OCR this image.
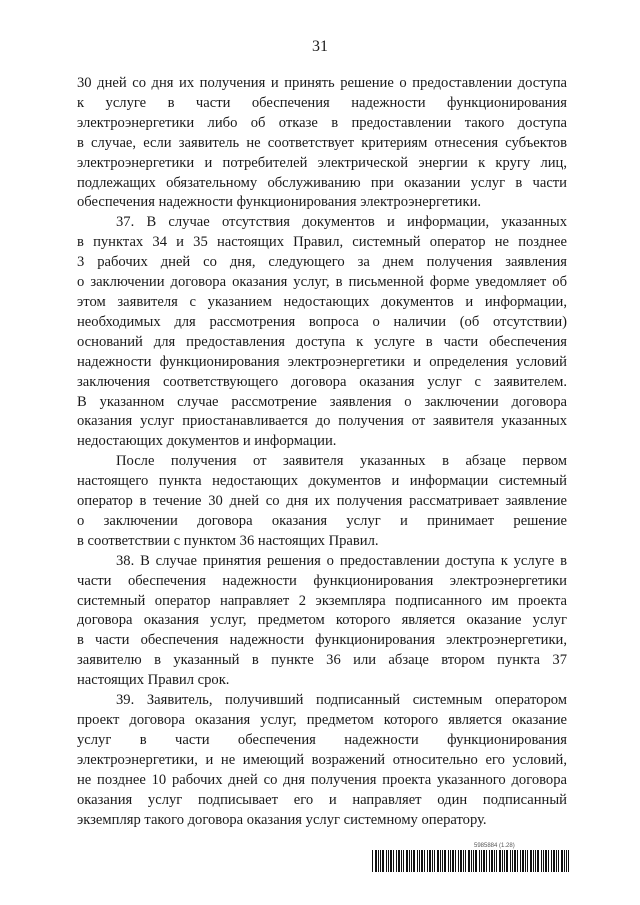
31
30 дней со дня их получения и принять решение о предоставлении доступа
к услуге в части обеспечения надежности функционирования
электроэнергетики либо об отказе в предоставлении такого доступа
в случае, если заявитель не соответствует критериям отнесения субъектов
электроэнергетики и потребителей электрической энергии к кругу лиц,
подлежащих обязательному обслуживанию при оказании услуг в части
обеспечения надежности функционирования электроэнергетики.
37. В случае отсутствия документов и информации, указанных
в пунктах 34 и 35 настоящих Правил, системный оператор не позднее
3 рабочих дней со дня, следующего за днем получения заявления
о заключении договора оказания услуг, в письменной форме уведомляет об
этом заявителя с указанием недостающих документов и информации,
необходимых для рассмотрения вопроса о наличии (об отсутствии)
оснований для предоставления доступа к услуге в части обеспечения
надежности функционирования электроэнергетики и определения условий
заключения соответствующего договора оказания услуг с заявителем.
В указанном случае рассмотрение заявления о заключении договора
оказания услуг приостанавливается до получения от заявителя указанных
недостающих документов и информации.
После получения от заявителя указанных в абзаце первом
настоящего пункта недостающих документов и информации системный
оператор в течение 30 дней со дня их получения рассматривает заявление
о заключении договора оказания услуг и принимает решение
в соответствии с пунктом 36 настоящих Правил.
38. В случае принятия решения о предоставлении доступа к услуге в
части обеспечения надежности функционирования электроэнергетики
системный оператор направляет 2 экземпляра подписанного им проекта
договора оказания услуг, предметом которого является оказание услуг
в части обеспечения надежности функционирования электроэнергетики,
заявителю в указанный в пункте 36 или абзаце втором пункта 37
настоящих Правил срок.
39. Заявитель, получивший подписанный системным оператором
проект договора оказания услуг, предметом которого является оказание
услуг в части обеспечения надежности функционирования
электроэнергетики, и не имеющий возражений относительно его условий,
не позднее 10 рабочих дней со дня получения проекта указанного договора
оказания услуг подписывает его и направляет один подписанный
экземпляр такого договора оказания услуг системному оператору.
5985884 (1.28)
